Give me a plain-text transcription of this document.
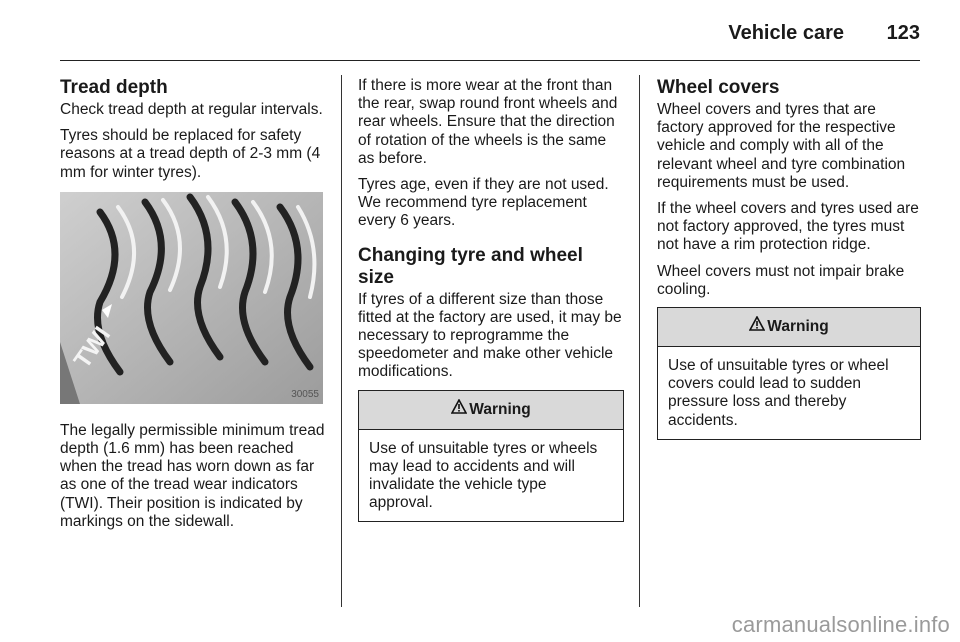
Vehicle care 123
Tread depth

Check tread depth at regular intervals.

Tyres should be replaced for safety reasons at a tread depth of 2-3 mm (4 mm for winter tyres).

TWI
30055

The legally permissible minimum tread depth (1.6 mm) has been reached when the tread has worn down as far as one of the tread wear indicators (TWI). Their position is indicated by markings on the sidewall.

If there is more wear at the front than the rear, swap round front wheels and rear wheels. Ensure that the direction of rotation of the wheels is the same as before.

Tyres age, even if they are not used. We recommend tyre replacement every 6 years.

Changing tyre and wheel size

If tyres of a different size than those fitted at the factory are used, it may be necessary to reprogramme the speedometer and make other vehicle modifications.

Warning
Use of unsuitable tyres or wheels may lead to accidents and will invalidate the vehicle type approval.
Wheel covers

Wheel covers and tyres that are factory approved for the respective vehicle and comply with all of the relevant wheel and tyre combination requirements must be used.

If the wheel covers and tyres used are not factory approved, the tyres must not have a rim protection ridge.

Wheel covers must not impair brake cooling.

Warning
Use of unsuitable tyres or wheel covers could lead to sudden pressure loss and thereby accidents.
carmanualsonline.info
